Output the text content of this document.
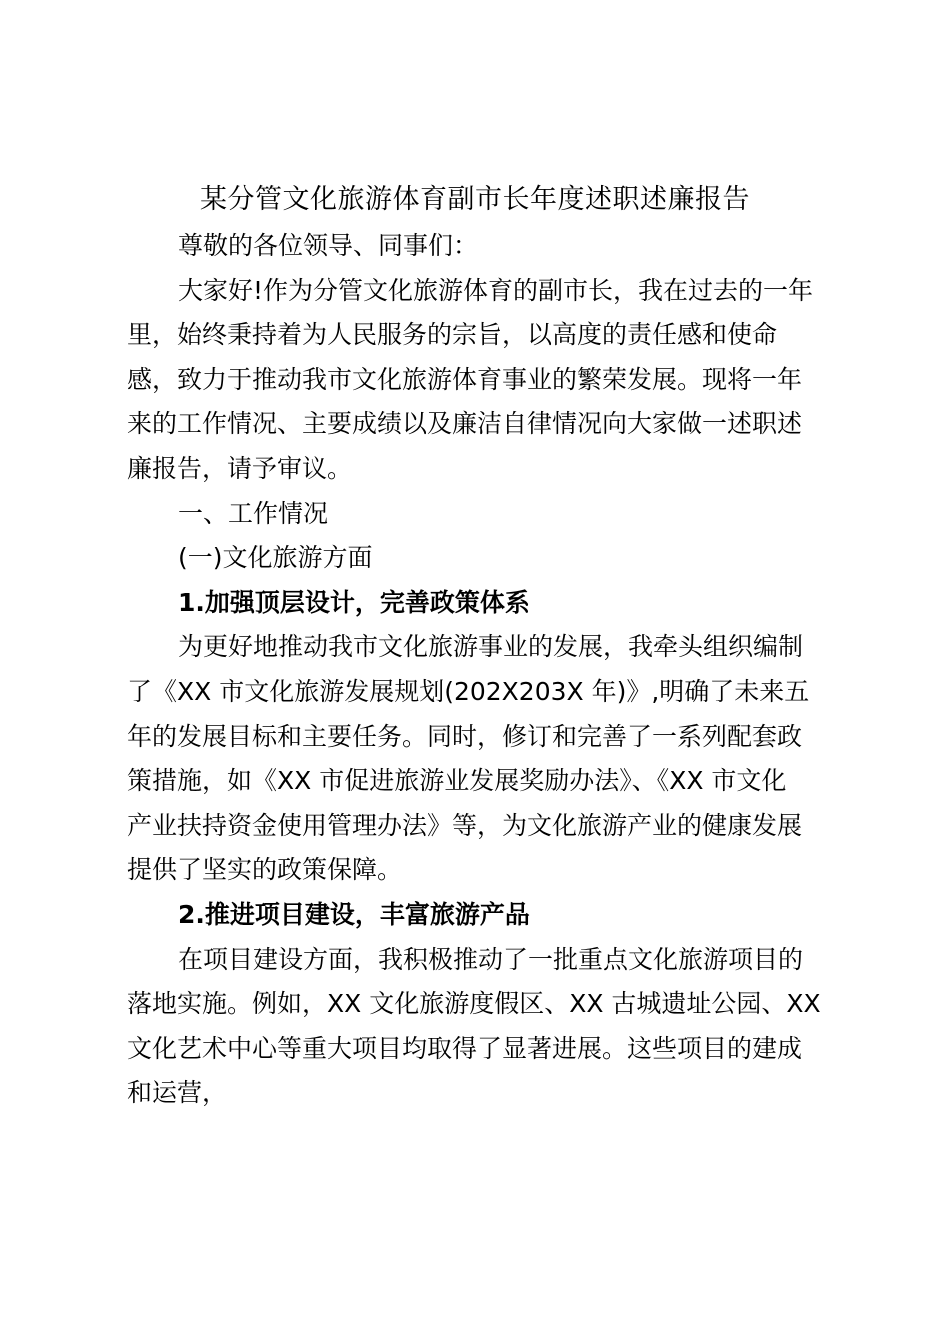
某分管文化旅游体育副市长年度述职述廉报告

尊敬的各位领导、同事们：

大家好!作为分管文化旅游体育的副市长，我在过去的一年
里，始终秉持着为人民服务的宗旨，以高度的责任感和使命
感，致力于推动我市文化旅游体育事业的繁荣发展。现将一年
来的工作情况、主要成绩以及廉洁自律情况向大家做一述职述
廉报告，请予审议。

一、工作情况

(一)文化旅游方面

1.加强顶层设计，完善政策体系

为更好地推动我市文化旅游事业的发展，我牵头组织编制
了《XX 市文化旅游发展规划(202X203X 年)》,明确了未来五
年的发展目标和主要任务。同时，修订和完善了一系列配套政
策措施，如《XX 市促进旅游业发展奖励办法》、《XX 市文化
产业扶持资金使用管理办法》等，为文化旅游产业的健康发展
提供了坚实的政策保障。

2.推进项目建设，丰富旅游产品

在项目建设方面，我积极推动了一批重点文化旅游项目的
落地实施。例如，XX 文化旅游度假区、XX 古城遗址公园、XX
文化艺术中心等重大项目均取得了显著进展。这些项目的建成
和运营，
